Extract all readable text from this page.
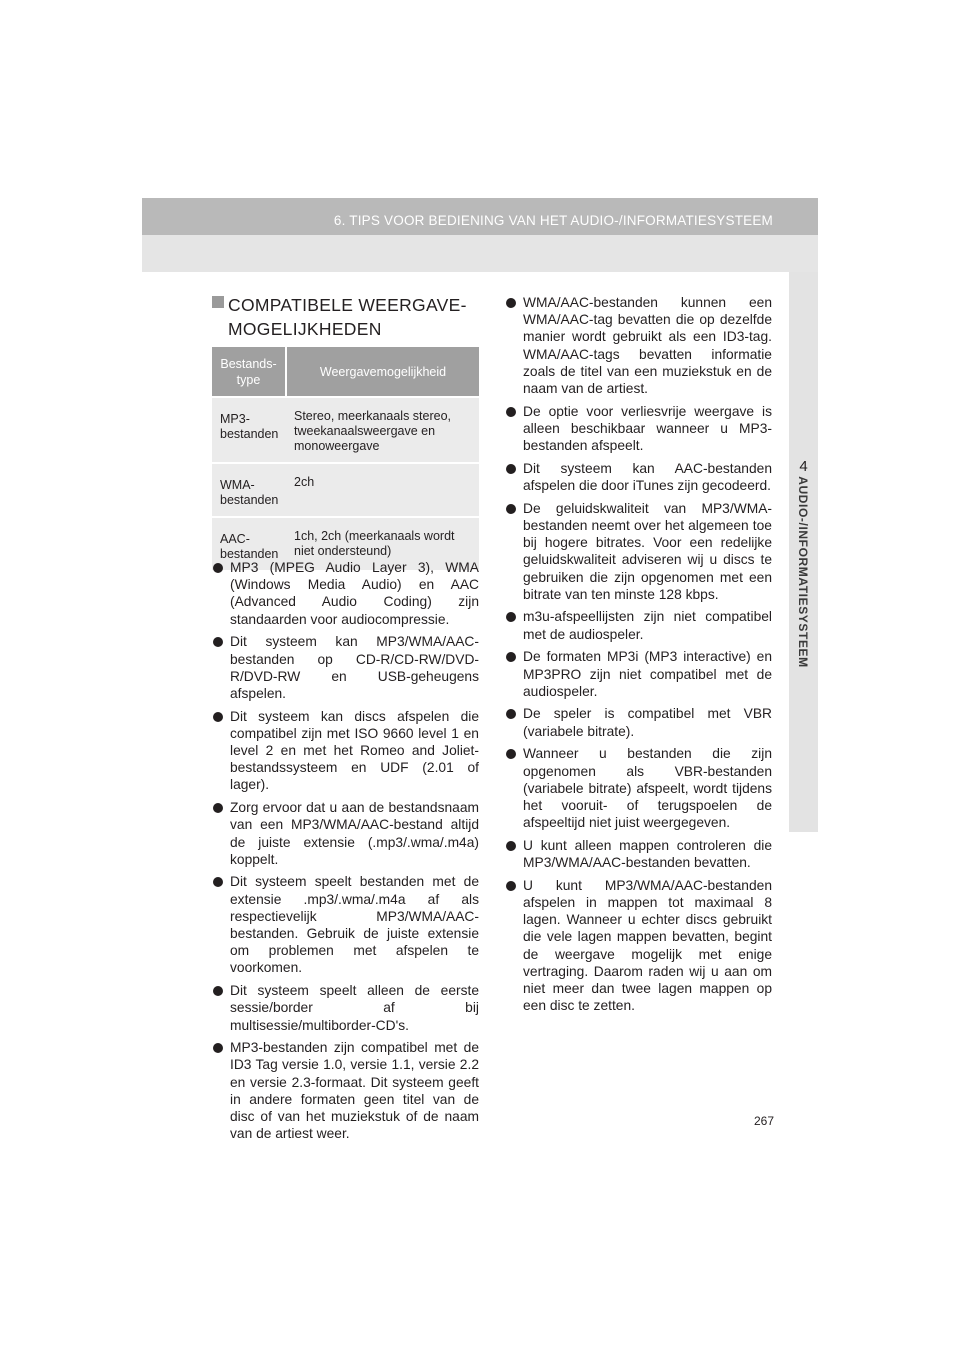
6. TIPS VOOR BEDIENING VAN HET AUDIO-/INFORMATIESYSTEEM
4
AUDIO-/INFORMATIESYSTEEM
COMPATIBELE WEERGAVE-
MOGELIJKHEDEN
Bestands-type	Weergavemogelijkheid
MP3-bestanden	Stereo, meerkanaals stereo, tweekanaalsweergave en monoweergave
WMA-bestanden	2ch
AAC-bestanden	1ch, 2ch (meerkanaals wordt niet ondersteund)
MP3 (MPEG Audio Layer 3), WMA (Windows Media Audio) en AAC (Advanced Audio Coding) zijn standaarden voor audiocompressie.
Dit systeem kan MP3/WMA/AAC-bestanden op CD-R/CD-RW/DVD-R/DVD-RW en USB-geheugens afspelen.
Dit systeem kan discs afspelen die compatibel zijn met ISO 9660 level 1 en level 2 en met het Romeo and Joliet-bestandssysteem en UDF (2.01 of lager).
Zorg ervoor dat u aan de bestandsnaam van een MP3/WMA/AAC-bestand altijd de juiste extensie (.mp3/.wma/.m4a) koppelt.
Dit systeem speelt bestanden met de extensie .mp3/.wma/.m4a af als respectievelijk MP3/WMA/AAC-bestanden. Gebruik de juiste extensie om problemen met afspelen te voorkomen.
Dit systeem speelt alleen de eerste sessie/border af bij multisessie/multiborder-CD's.
MP3-bestanden zijn compatibel met de ID3 Tag versie 1.0, versie 1.1, versie 2.2 en versie 2.3-formaat. Dit systeem geeft in andere formaten geen titel van de disc of van het muziekstuk of de naam van de artiest weer.
WMA/AAC-bestanden kunnen een WMA/AAC-tag bevatten die op dezelfde manier wordt gebruikt als een ID3-tag. WMA/AAC-tags bevatten informatie zoals de titel van een muziekstuk en de naam van de artiest.
De optie voor verliesvrije weergave is alleen beschikbaar wanneer u MP3-bestanden afspeelt.
Dit systeem kan AAC-bestanden afspelen die door iTunes zijn gecodeerd.
De geluidskwaliteit van MP3/WMA-bestanden neemt over het algemeen toe bij hogere bitrates. Voor een redelijke geluidskwaliteit adviseren wij u discs te gebruiken die zijn opgenomen met een bitrate van ten minste 128 kbps.
m3u-afspeellijsten zijn niet compatibel met de audiospeler.
De formaten MP3i (MP3 interactive) en MP3PRO zijn niet compatibel met de audiospeler.
De speler is compatibel met VBR (variabele bitrate).
Wanneer u bestanden die zijn opgenomen als VBR-bestanden (variabele bitrate) afspeelt, wordt tijdens het vooruit- of terugspoelen de afspeeltijd niet juist weergegeven.
U kunt alleen mappen controleren die MP3/WMA/AAC-bestanden bevatten.
U kunt MP3/WMA/AAC-bestanden afspelen in mappen tot maximaal 8 lagen. Wanneer u echter discs gebruikt die vele lagen mappen bevatten, begint de weergave mogelijk met enige vertraging. Daarom raden wij u aan om niet meer dan twee lagen mappen op een disc te zetten.
267
